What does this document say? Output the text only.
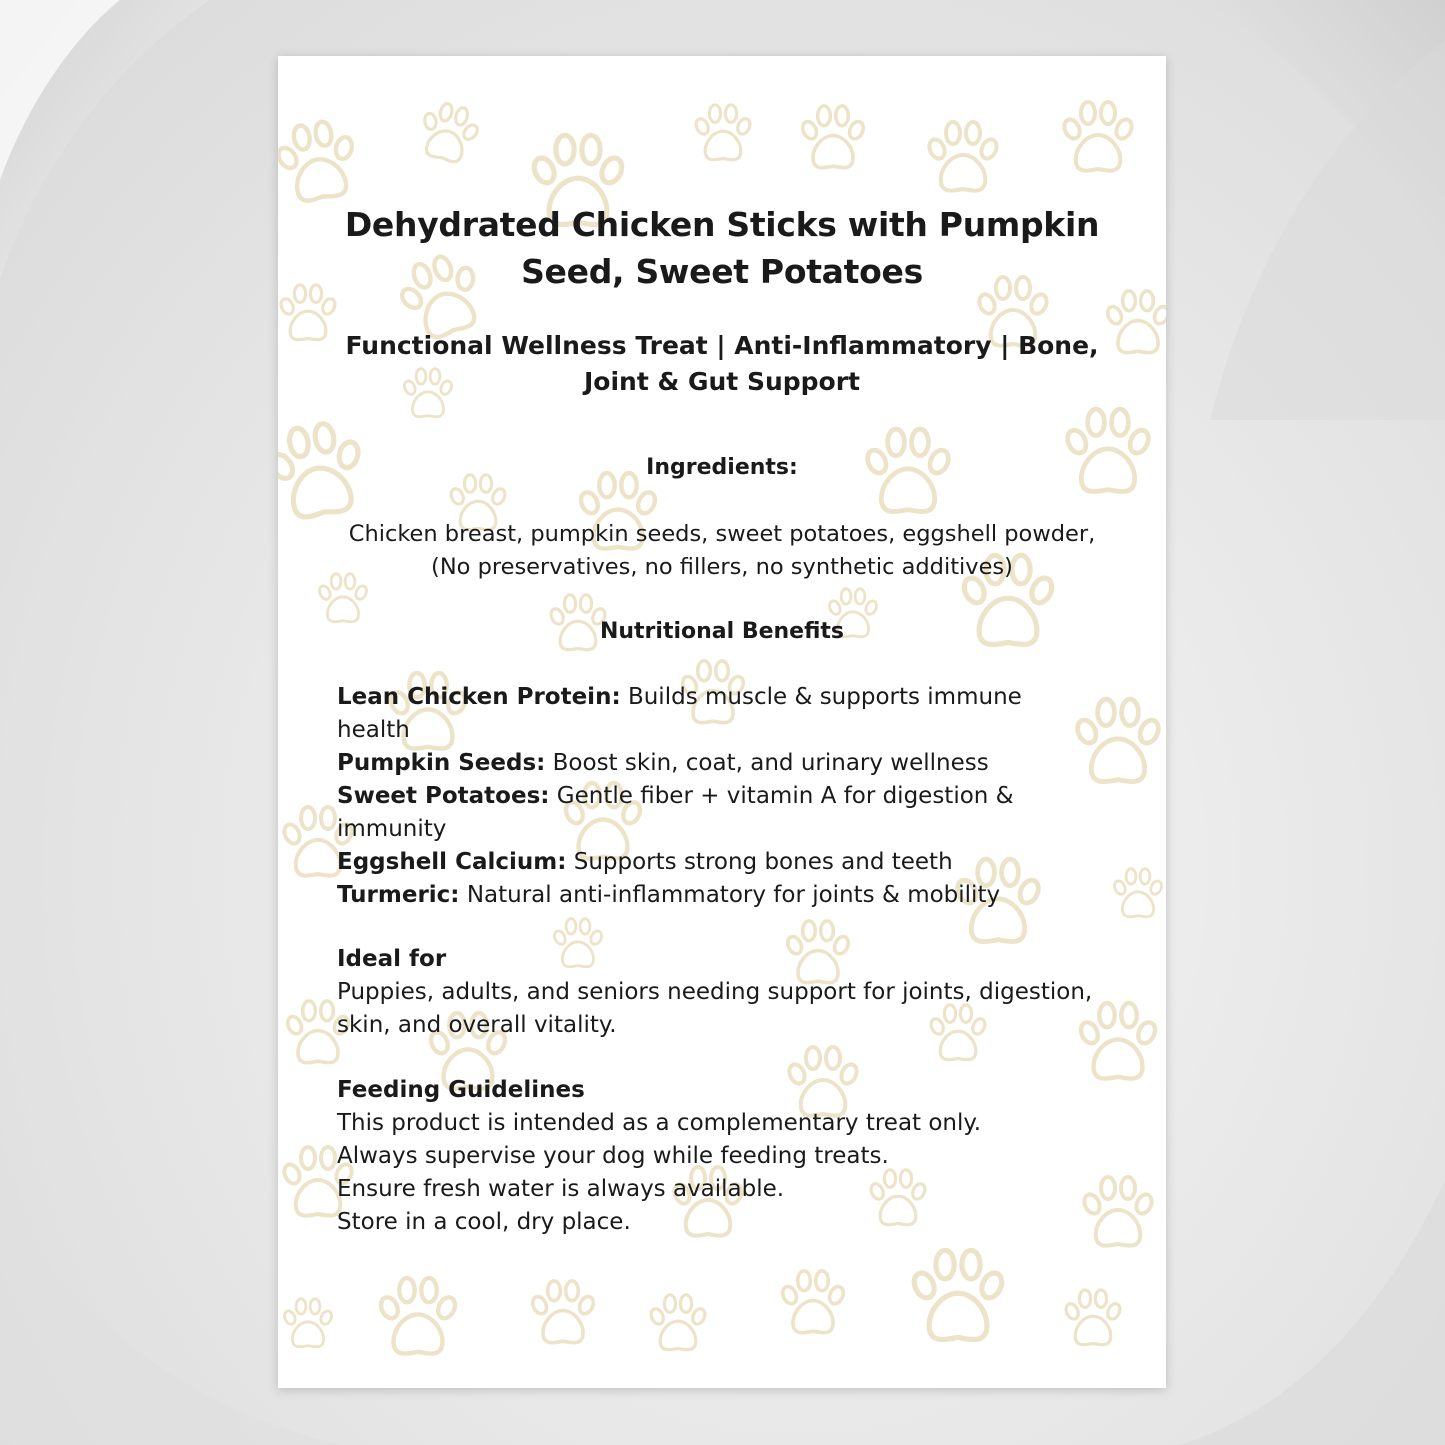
Dehydrated Chicken Sticks with Pumpkin Seed, Sweet Potatoes
Functional Wellness Treat | Anti-Inflammatory | Bone, Joint & Gut Support
Ingredients:

Chicken breast, pumpkin seeds, sweet potatoes, eggshell powder, (No preservatives, no fillers, no synthetic additives)

Nutritional Benefits
Lean Chicken Protein: Builds muscle & supports immune health
Pumpkin Seeds: Boost skin, coat, and urinary wellness
Sweet Potatoes: Gentle fiber + vitamin A for digestion & immunity
Eggshell Calcium: Supports strong bones and teeth
Turmeric: Natural anti-inflammatory for joints & mobility
Ideal for
Puppies, adults, and seniors needing support for joints, digestion, skin, and overall vitality.
Feeding Guidelines
This product is intended as a complementary treat only.
Always supervise your dog while feeding treats.
Ensure fresh water is always available.
Store in a cool, dry place.
